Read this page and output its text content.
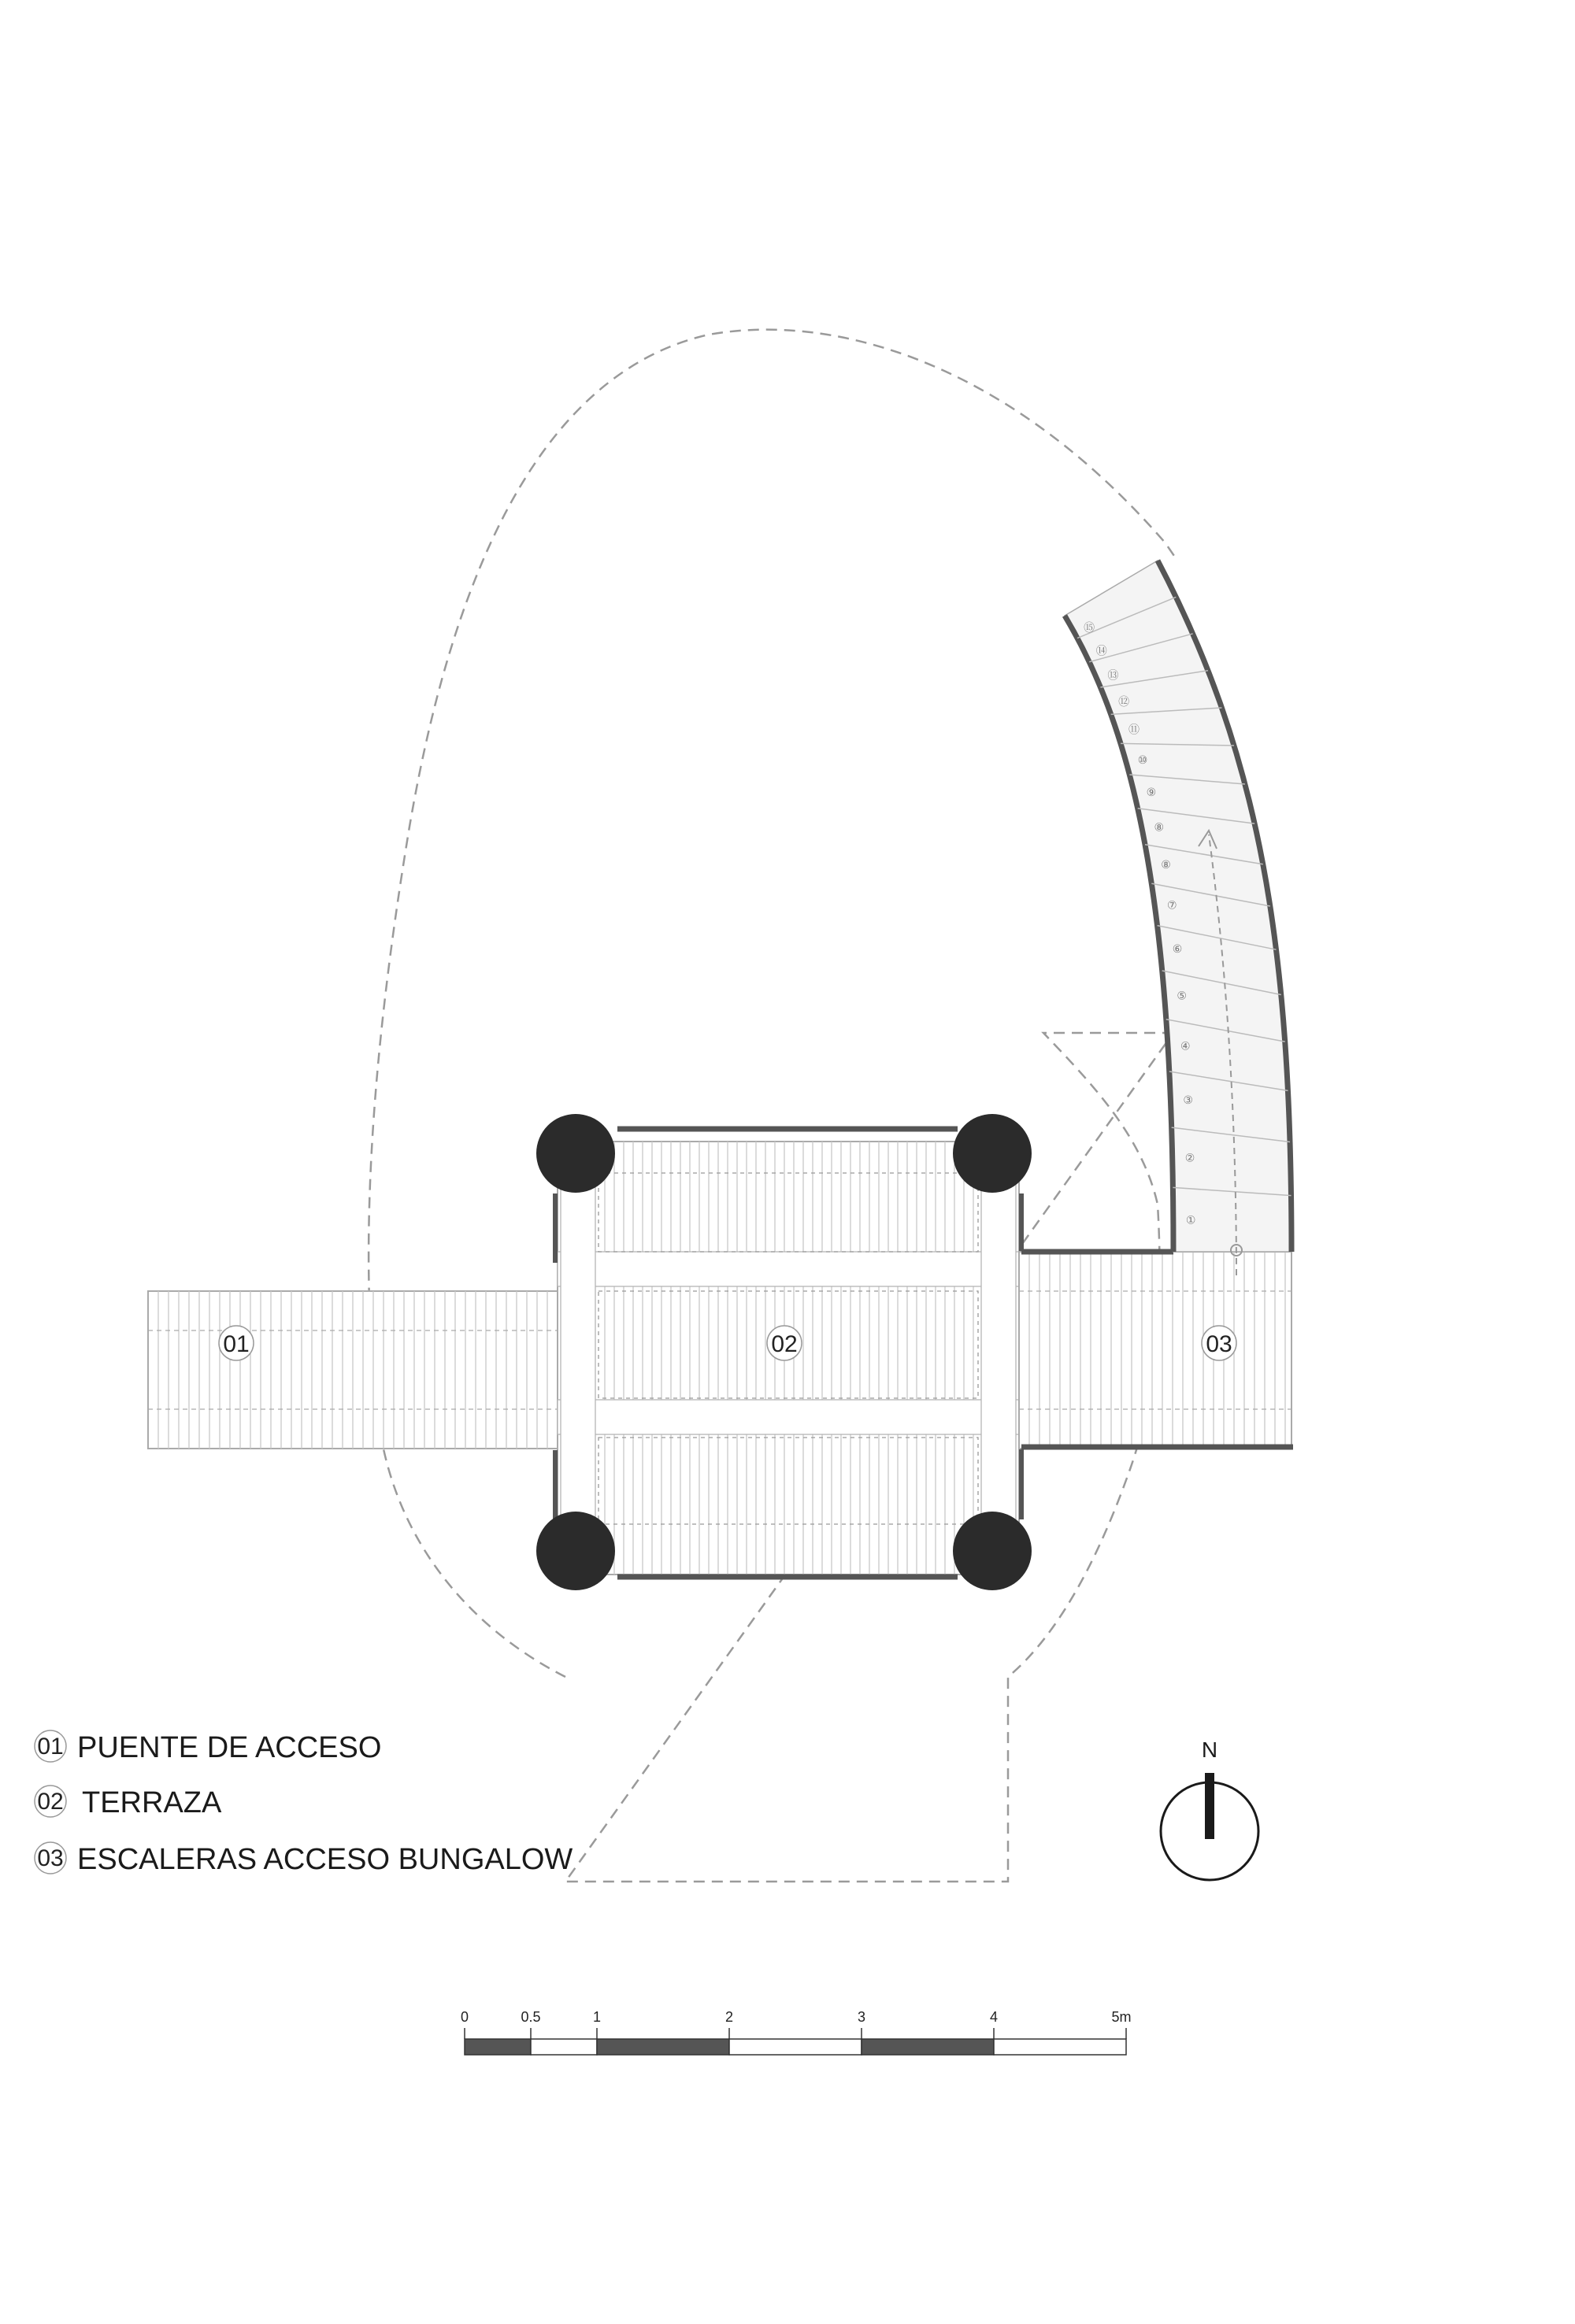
⑮
⑭
⑬
⑫
⑪
⑩
⑨
⑧
⑧
⑦
⑥
⑤
④
③
②
①
01	02	03
01 PUENTE DE ACCESO
02 TERRAZA
03 ESCALERAS ACCESO BUNGALOW
N
0	0.5	1	2	3	4	5m
